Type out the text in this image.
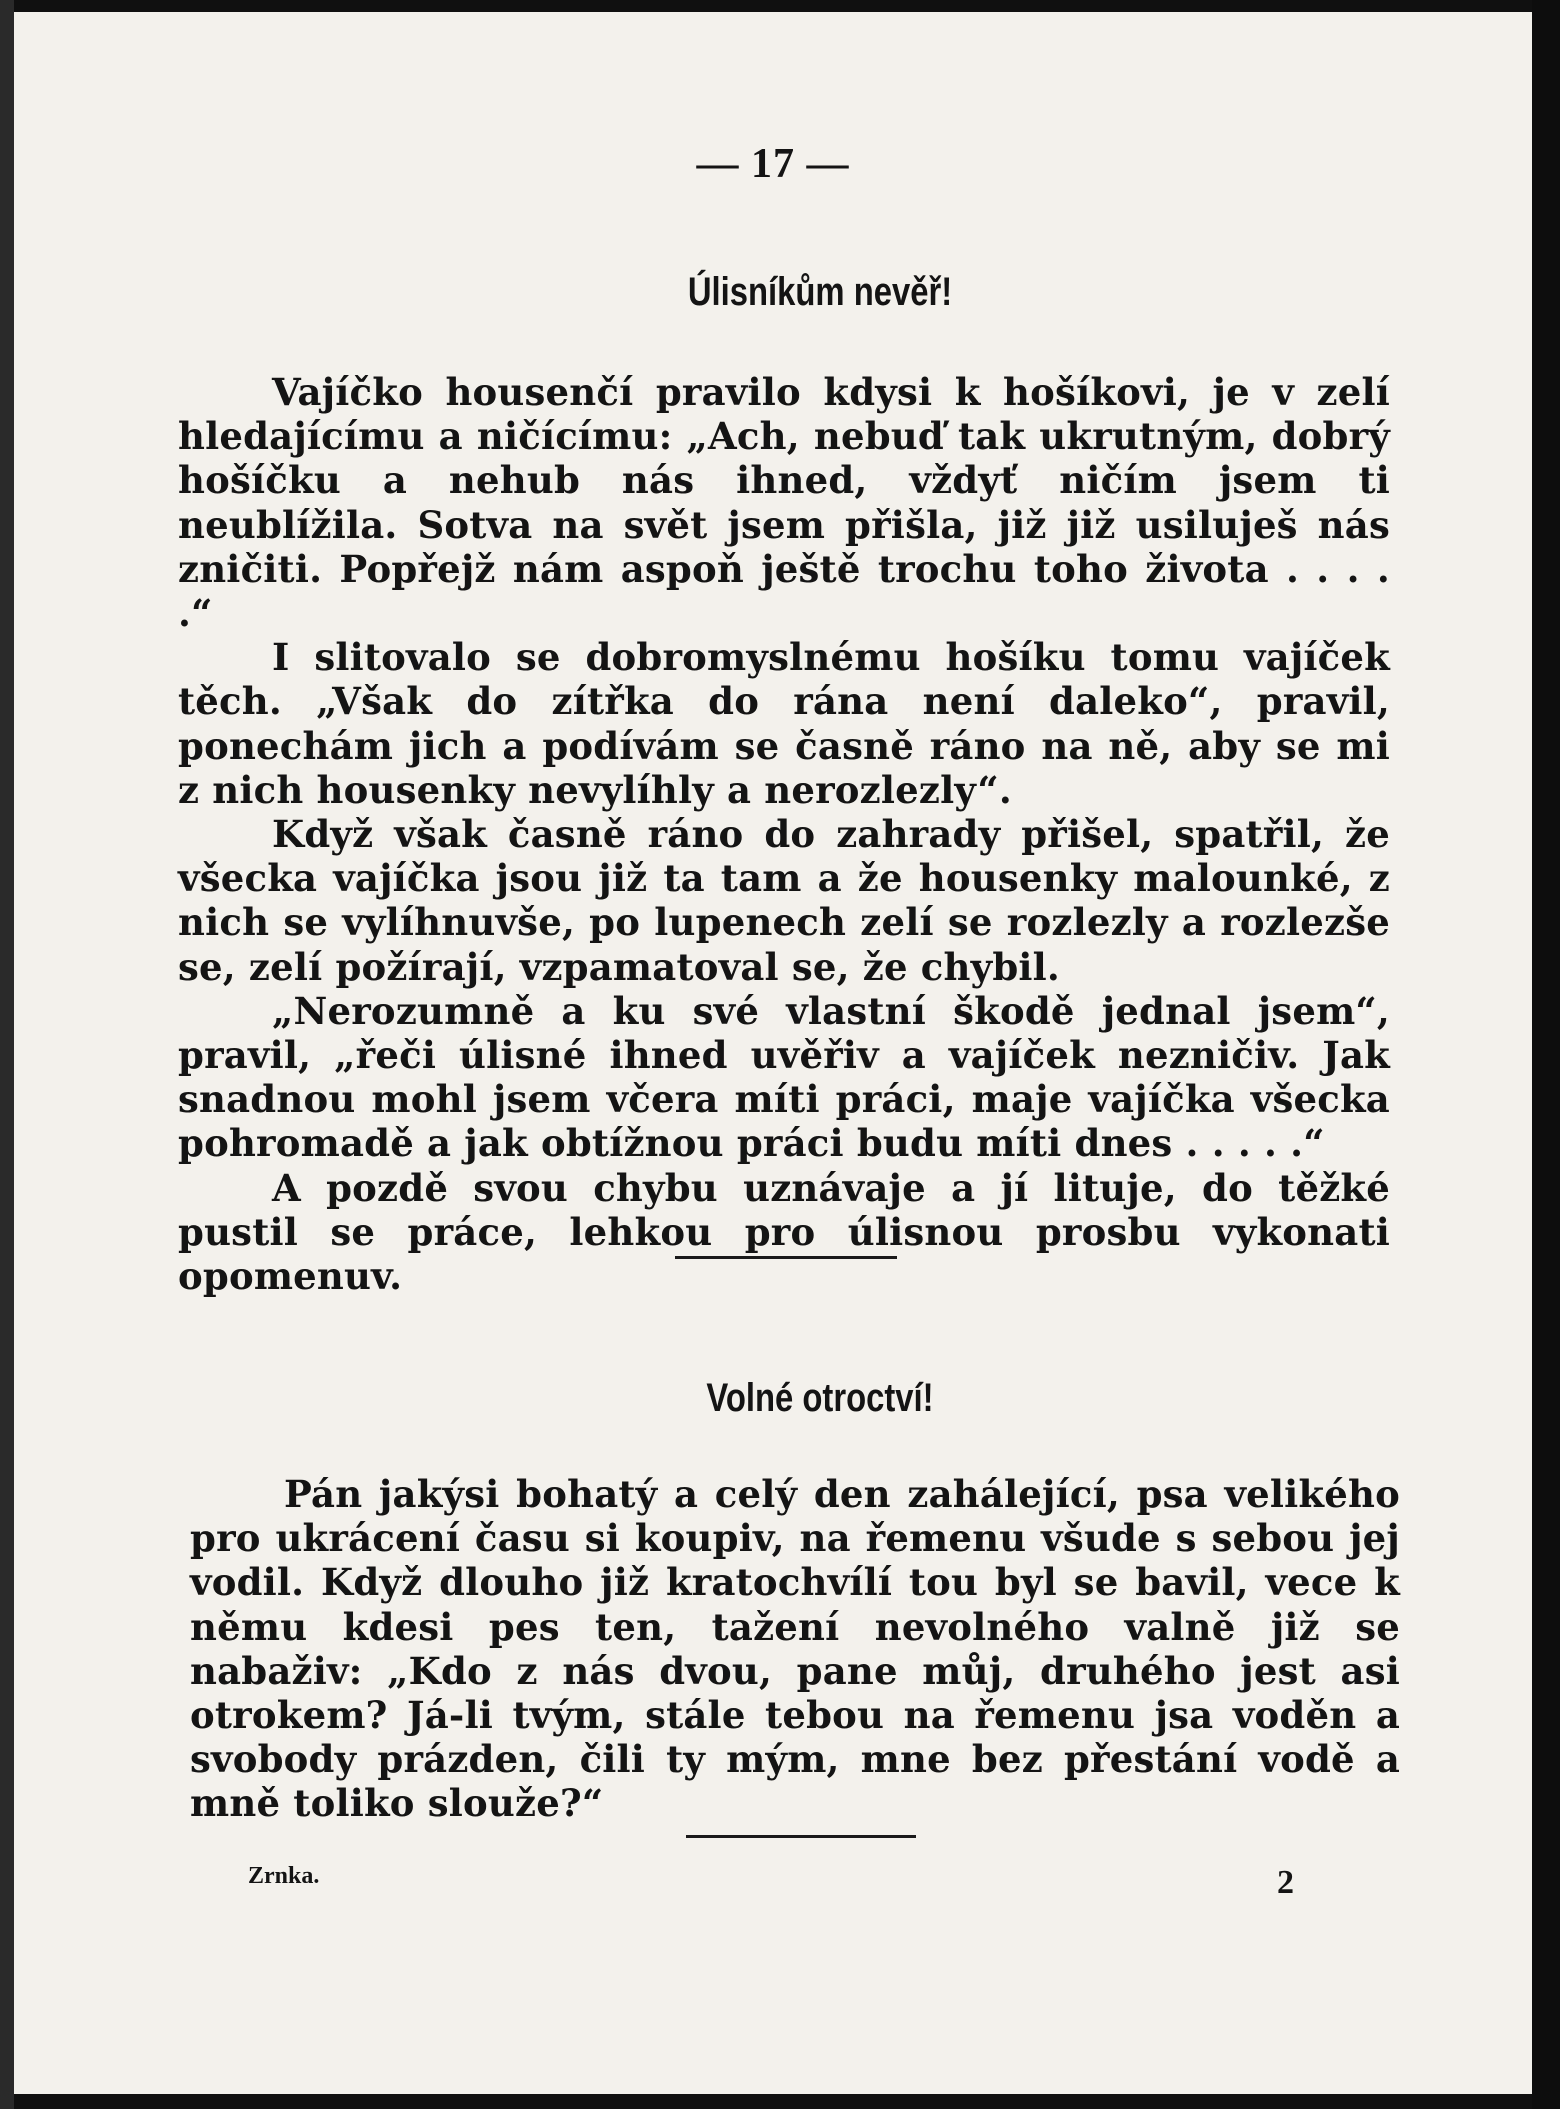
— 17 —
Úlisníkům nevěř!

Vajíčko housenčí pravilo kdysi k hošíkovi, je v zelí hledajícímu a ničícímu: „Ach, nebuď tak ukrutným, dobrý hošíčku a nehub nás ihned, vždyť ničím jsem ti neublížila. Sotva na svět jsem přišla, již již usiluješ nás zničiti. Popřejž nám aspoň ještě trochu toho života . . . . .“

I slitovalo se dobromyslnému hošíku tomu vajíček těch. „Však do zítřka do rána není daleko“, pravil, ponechám jich a podívám se časně ráno na ně, aby se mi z nich housenky nevylíhly a nerozlezly“.

Když však časně ráno do zahrady přišel, spatřil, že všecka vajíčka jsou již ta tam a že housenky malounké, z nich se vylíhnuvše, po lupenech zelí se rozlezly a rozlezše se, zelí požírají, vzpamatoval se, že chybil.

„Nerozumně a ku své vlastní škodě jednal jsem“, pravil, „řeči úlisné ihned uvěřiv a vajíček nezničiv. Jak snadnou mohl jsem včera míti práci, maje vajíčka všecka pohromadě a jak obtížnou práci budu míti dnes . . . . .“

A pozdě svou chybu uznávaje a jí lituje, do těžké pustil se práce, lehkou pro úlisnou prosbu vykonati opomenuv.

Volné otroctví!

Pán jakýsi bohatý a celý den zahálející, psa velikého pro ukrácení času si koupiv, na řemenu všude s sebou jej vodil. Když dlouho již kratochvílí tou byl se bavil, vece k němu kdesi pes ten, tažení nevolného valně již se nabaživ: „Kdo z nás dvou, pane můj, druhého jest asi otrokem? Já-li tvým, stále tebou na řemenu jsa voděn a svobody prázden, čili ty mým, mne bez přestání vodě a mně toliko slouže?“

Zrnka.	2
